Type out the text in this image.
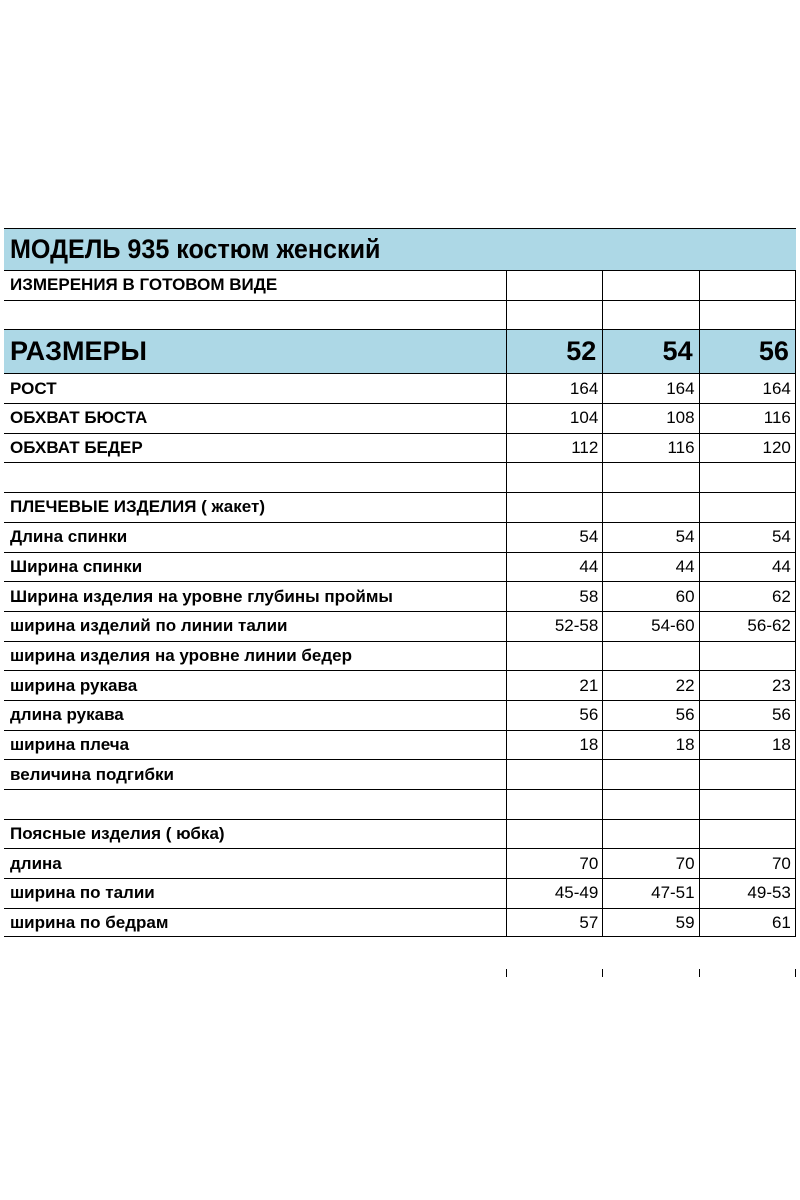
МОДЕЛЬ 935 костюм женский
ИЗМЕРЕНИЯ В ГОТОВОМ ВИДЕ
РАЗМЕРЫ	52	54	56
РОСТ	164	164	164
ОБХВАТ БЮСТА	104	108	116
ОБХВАТ БЕДЕР	112	116	120
ПЛЕЧЕВЫЕ ИЗДЕЛИЯ ( жакет)
Длина спинки	54	54	54
Ширина спинки	44	44	44
Ширина изделия на уровне глубины проймы	58	60	62
ширина изделий по линии талии	52-58	54-60	56-62
ширина изделия на уровне линии бедер
ширина рукава	21	22	23
длина рукава	56	56	56
ширина плеча	18	18	18
величина подгибки
Поясные изделия ( юбка)
длина	70	70	70
ширина по талии	45-49	47-51	49-53
ширина по бедрам	57	59	61
